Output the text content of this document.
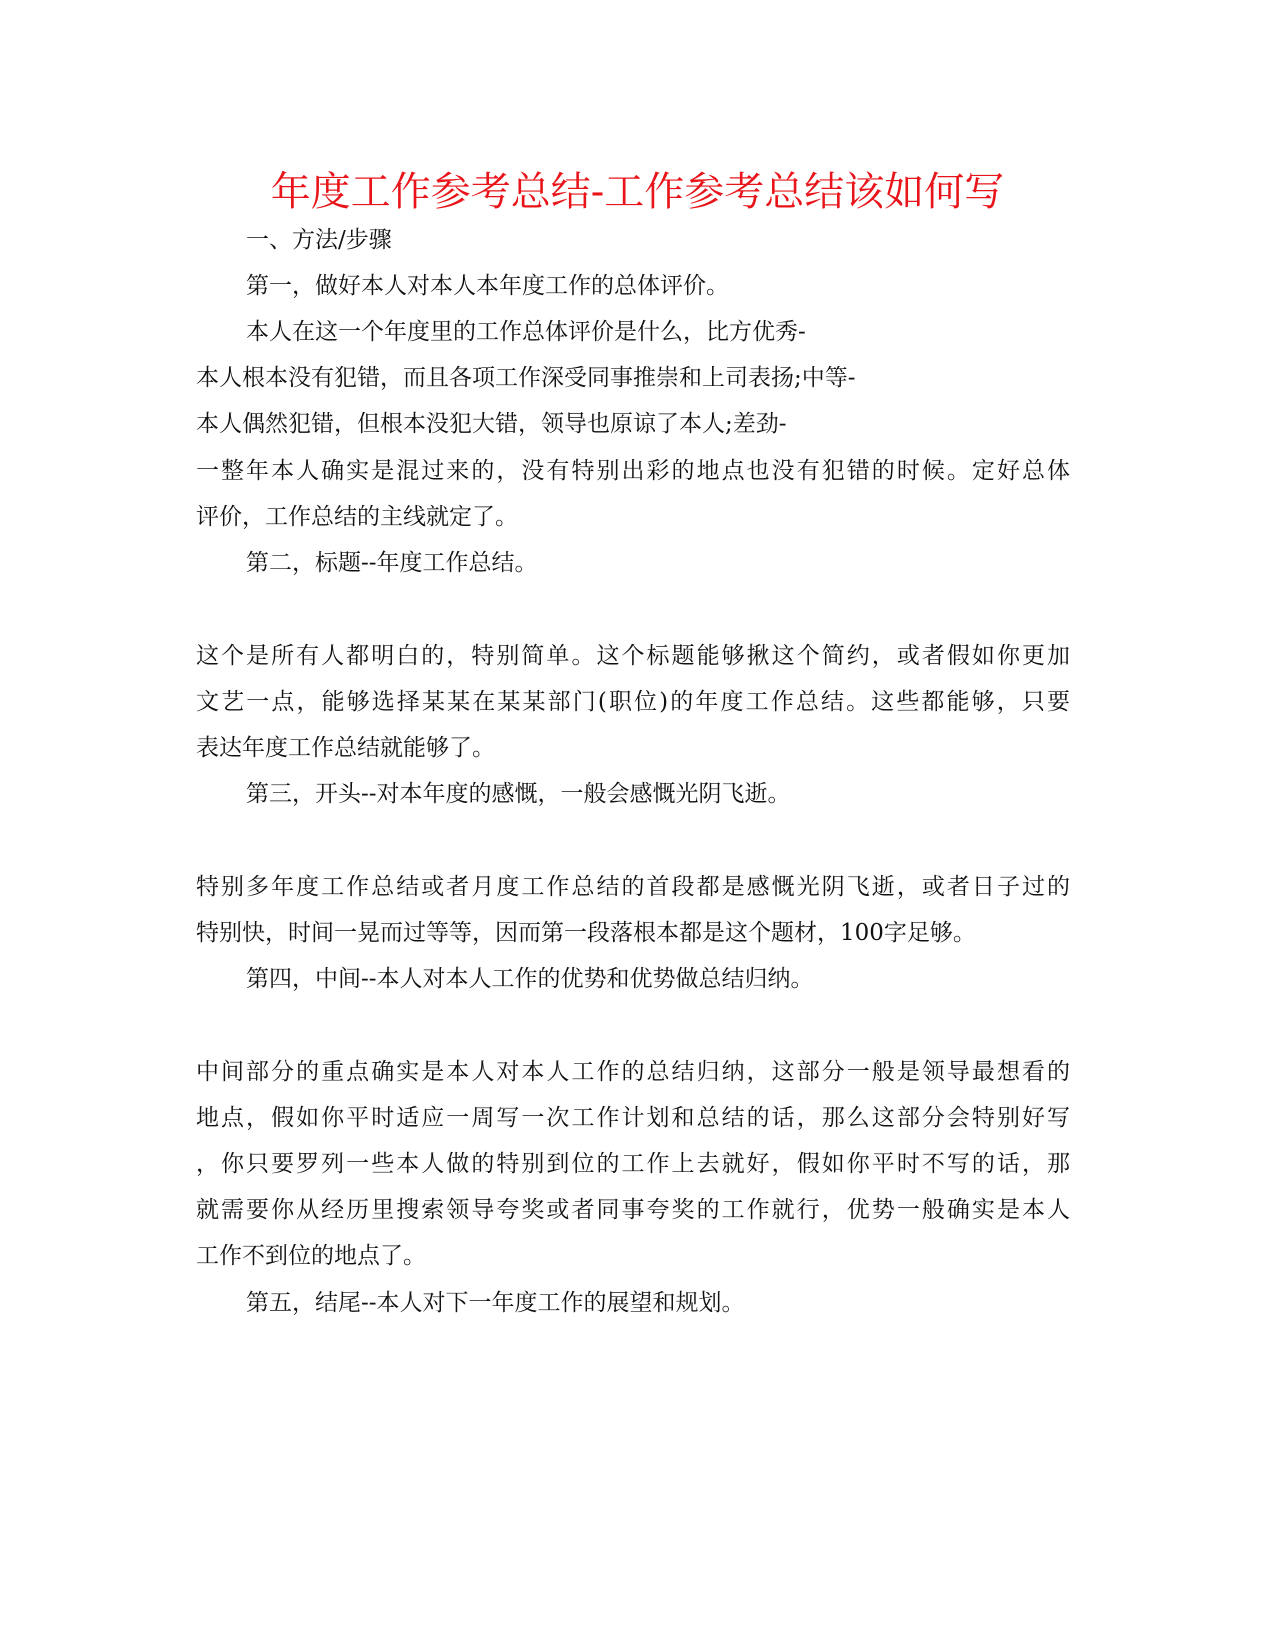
年度工作参考总结-工作参考总结该如何写
一、方法/步骤
第一，做好本人对本人本年度工作的总体评价。
本人在这一个年度里的工作总体评价是什么，比方优秀-
本人根本没有犯错，而且各项工作深受同事推崇和上司表扬;中等-
本人偶然犯错，但根本没犯大错，领导也原谅了本人;差劲-
一整年本人确实是混过来的，没有特别出彩的地点也没有犯错的时候。定好总体
评价，工作总结的主线就定了。
第二，标题--年度工作总结。
这个是所有人都明白的，特别简单。这个标题能够揪这个简约，或者假如你更加
文艺一点，能够选择某某在某某部门(职位)的年度工作总结。这些都能够，只要
表达年度工作总结就能够了。
第三，开头--对本年度的感慨，一般会感慨光阴飞逝。
特别多年度工作总结或者月度工作总结的首段都是感慨光阴飞逝，或者日子过的
特别快，时间一晃而过等等，因而第一段落根本都是这个题材，100字足够。
第四，中间--本人对本人工作的优势和优势做总结归纳。
中间部分的重点确实是本人对本人工作的总结归纳，这部分一般是领导最想看的
地点，假如你平时适应一周写一次工作计划和总结的话，那么这部分会特别好写
，你只要罗列一些本人做的特别到位的工作上去就好，假如你平时不写的话，那
就需要你从经历里搜索领导夸奖或者同事夸奖的工作就行，优势一般确实是本人
工作不到位的地点了。
第五，结尾--本人对下一年度工作的展望和规划。
